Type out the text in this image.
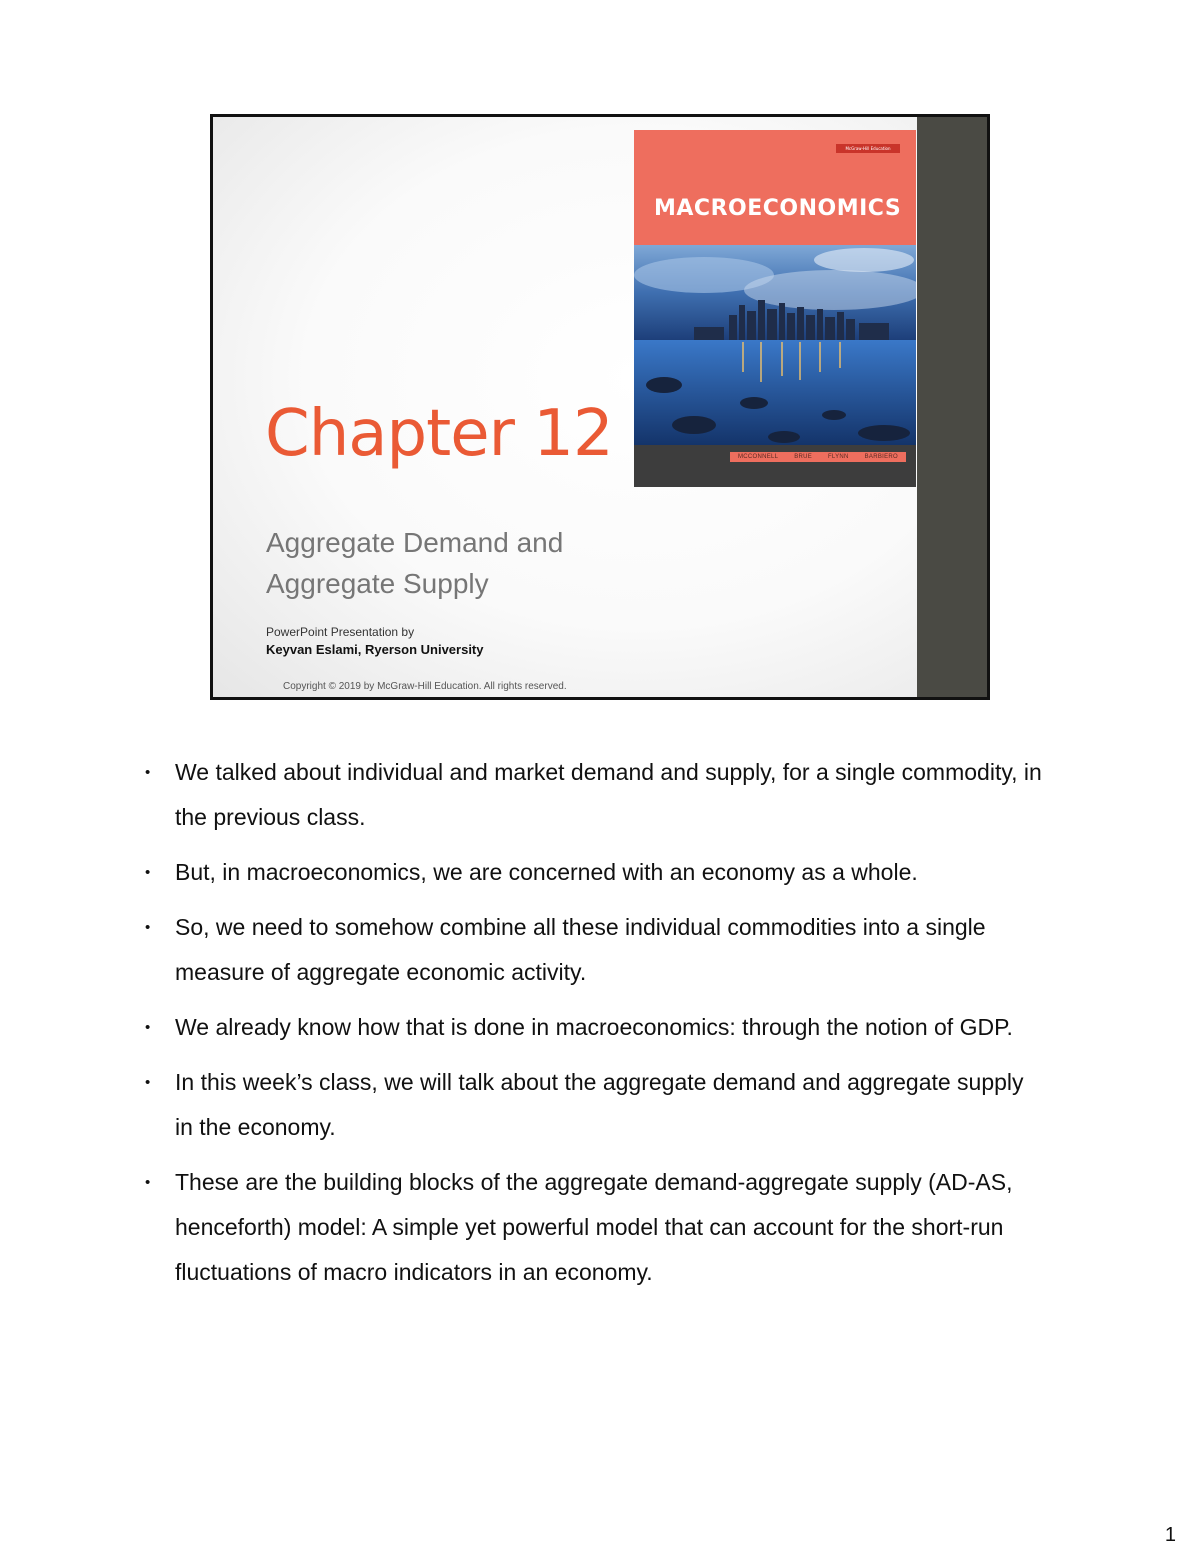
McGraw-Hill Education
MACROECONOMICS
MCCONNELL	BRUE	FLYNN	BARBIERO
Chapter 12
Aggregate Demand and
Aggregate Supply
PowerPoint Presentation by
Keyvan Eslami, Ryerson University
Copyright © 2019 by McGraw-Hill Education. All rights reserved.
• We talked about individual and market demand and supply, for a single commodity, in the previous class.
• But, in macroeconomics, we are concerned with an economy as a whole.
• So, we need to somehow combine all these individual commodities into a single measure of aggregate economic activity.
• We already know how that is done in macroeconomics: through the notion of GDP.
• In this week’s class, we will talk about the aggregate demand and aggregate supply in the economy.
• These are the building blocks of the aggregate demand-aggregate supply (AD-AS, henceforth) model: A simple yet powerful model that can account for the short-run fluctuations of macro indicators in an economy.
1
